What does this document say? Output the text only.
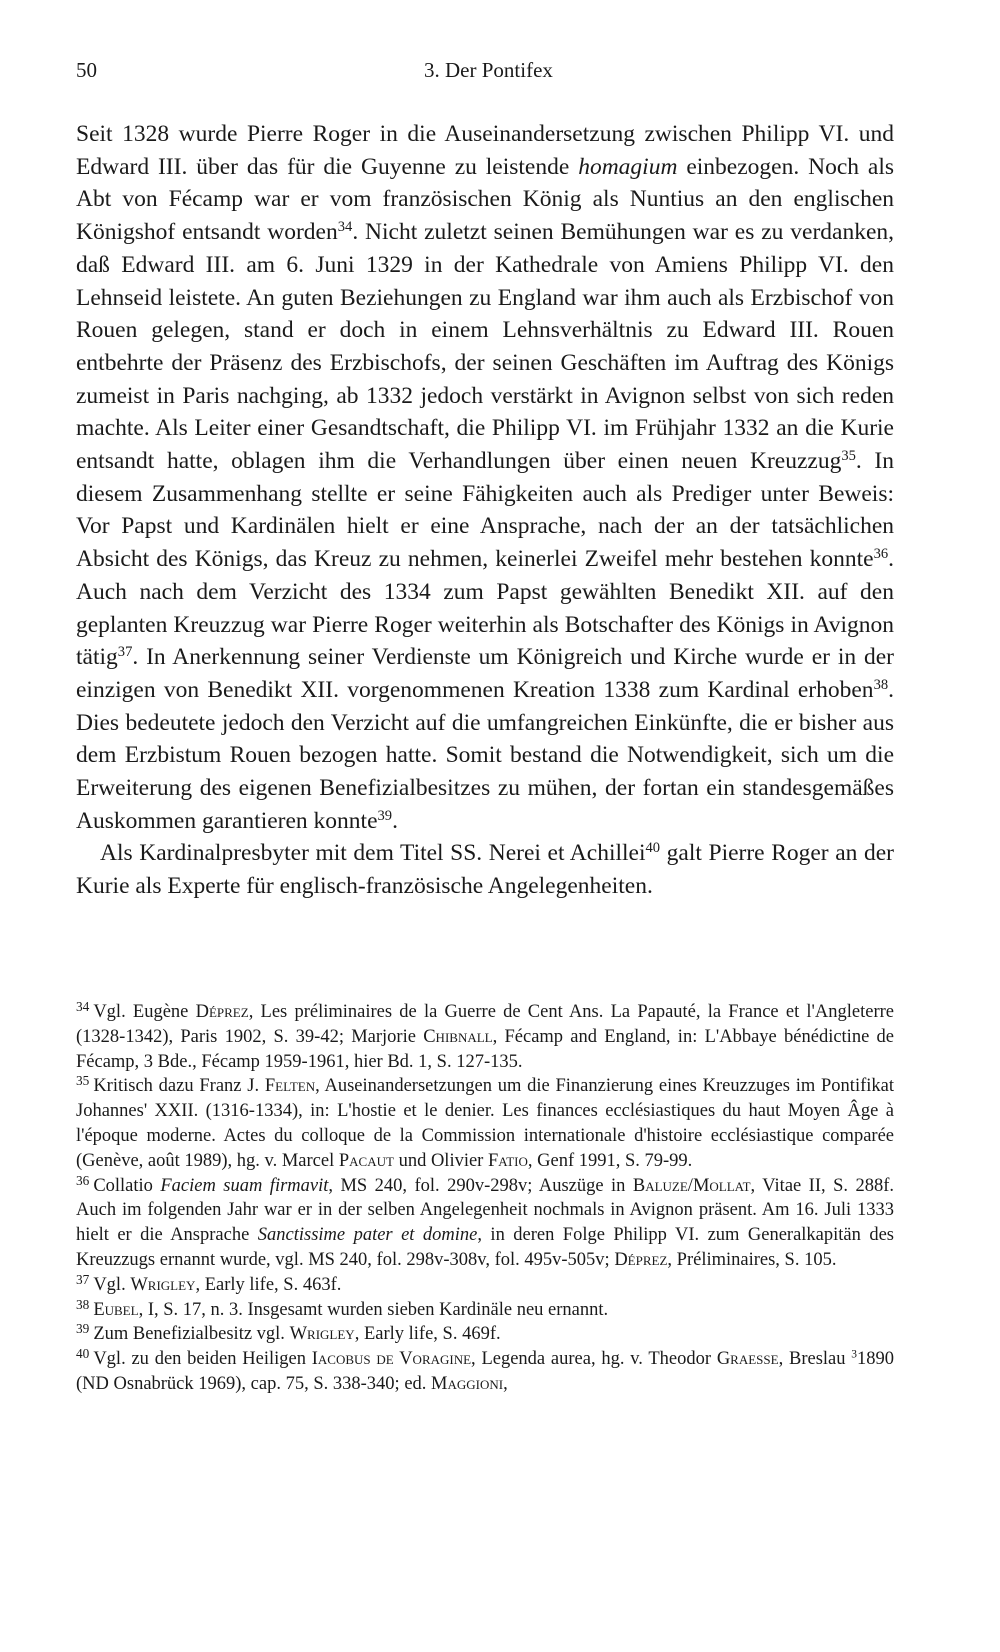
50	3. Der Pontifex

Seit 1328 wurde Pierre Roger in die Auseinandersetzung zwischen Philipp VI. und Edward III. über das für die Guyenne zu leistende homagium einbezogen. Noch als Abt von Fécamp war er vom französischen König als Nuntius an den englischen Königshof entsandt worden$^{34}$. Nicht zuletzt seinen Bemühungen war es zu verdanken, daß Edward III. am 6. Juni 1329 in der Kathedrale von Amiens Philipp VI. den Lehnseid leistete. An guten Beziehungen zu England war ihm auch als Erzbischof von Rouen gelegen, stand er doch in einem Lehnsverhältnis zu Edward III. Rouen entbehrte der Präsenz des Erzbischofs, der seinen Geschäften im Auftrag des Königs zumeist in Paris nachging, ab 1332 jedoch verstärkt in Avignon selbst von sich reden machte. Als Leiter einer Gesandtschaft, die Philipp VI. im Frühjahr 1332 an die Kurie entsandt hatte, oblagen ihm die Verhandlungen über einen neuen Kreuzzug$^{35}$. In diesem Zusammenhang stellte er seine Fähigkeiten auch als Prediger unter Beweis: Vor Papst und Kardinälen hielt er eine Ansprache, nach der an der tatsächlichen Absicht des Königs, das Kreuz zu nehmen, keinerlei Zweifel mehr bestehen konnte$^{36}$. Auch nach dem Verzicht des 1334 zum Papst gewählten Benedikt XII. auf den geplanten Kreuzzug war Pierre Roger weiterhin als Botschafter des Königs in Avignon tätig$^{37}$. In Anerkennung seiner Verdienste um Königreich und Kirche wurde er in der einzigen von Benedikt XII. vorgenommenen Kreation 1338 zum Kardinal erhoben$^{38}$. Dies bedeutete jedoch den Verzicht auf die umfangreichen Einkünfte, die er bisher aus dem Erzbistum Rouen bezogen hatte. Somit bestand die Notwendigkeit, sich um die Erweiterung des eigenen Benefizialbesitzes zu mühen, der fortan ein standesgemäßes Auskommen garantieren konnte$^{39}$.

Als Kardinalpresbyter mit dem Titel SS. Nerei et Achillei$^{40}$ galt Pierre Roger an der Kurie als Experte für englisch-französische Angelegenheiten.

$^{34}$ Vgl. Eugène Déprez, Les préliminaires de la Guerre de Cent Ans. La Papauté, la France et l'Angleterre (1328-1342), Paris 1902, S. 39-42; Marjorie Chibnall, Fécamp and England, in: L'Abbaye bénédictine de Fécamp, 3 Bde., Fécamp 1959-1961, hier Bd. 1, S. 127-135.

$^{35}$ Kritisch dazu Franz J. Felten, Auseinandersetzungen um die Finanzierung eines Kreuzzuges im Pontifikat Johannes' XXII. (1316-1334), in: L'hostie et le denier. Les finances ecclésiastiques du haut Moyen Âge à l'époque moderne. Actes du colloque de la Commission internationale d'histoire ecclésiastique comparée (Genève, août 1989), hg. v. Marcel Pacaut und Olivier Fatio, Genf 1991, S. 79-99.

$^{36}$ Collatio Faciem suam firmavit, MS 240, fol. 290v-298v; Auszüge in Baluze/Mollat, Vitae II, S. 288f. Auch im folgenden Jahr war er in der selben Angelegenheit nochmals in Avignon präsent. Am 16. Juli 1333 hielt er die Ansprache Sanctissime pater et domine, in deren Folge Philipp VI. zum Generalkapitän des Kreuzzugs ernannt wurde, vgl. MS 240, fol. 298v-308v, fol. 495v-505v; Déprez, Préliminaires, S. 105.

$^{37}$ Vgl. Wrigley, Early life, S. 463f.

$^{38}$ Eubel, I, S. 17, n. 3. Insgesamt wurden sieben Kardinäle neu ernannt.

$^{39}$ Zum Benefizialbesitz vgl. Wrigley, Early life, S. 469f.

$^{40}$ Vgl. zu den beiden Heiligen Iacobus de Voragine, Legenda aurea, hg. v. Theodor Graesse, Breslau $^3$1890 (ND Osnabrück 1969), cap. 75, S. 338-340; ed. Maggioni,
